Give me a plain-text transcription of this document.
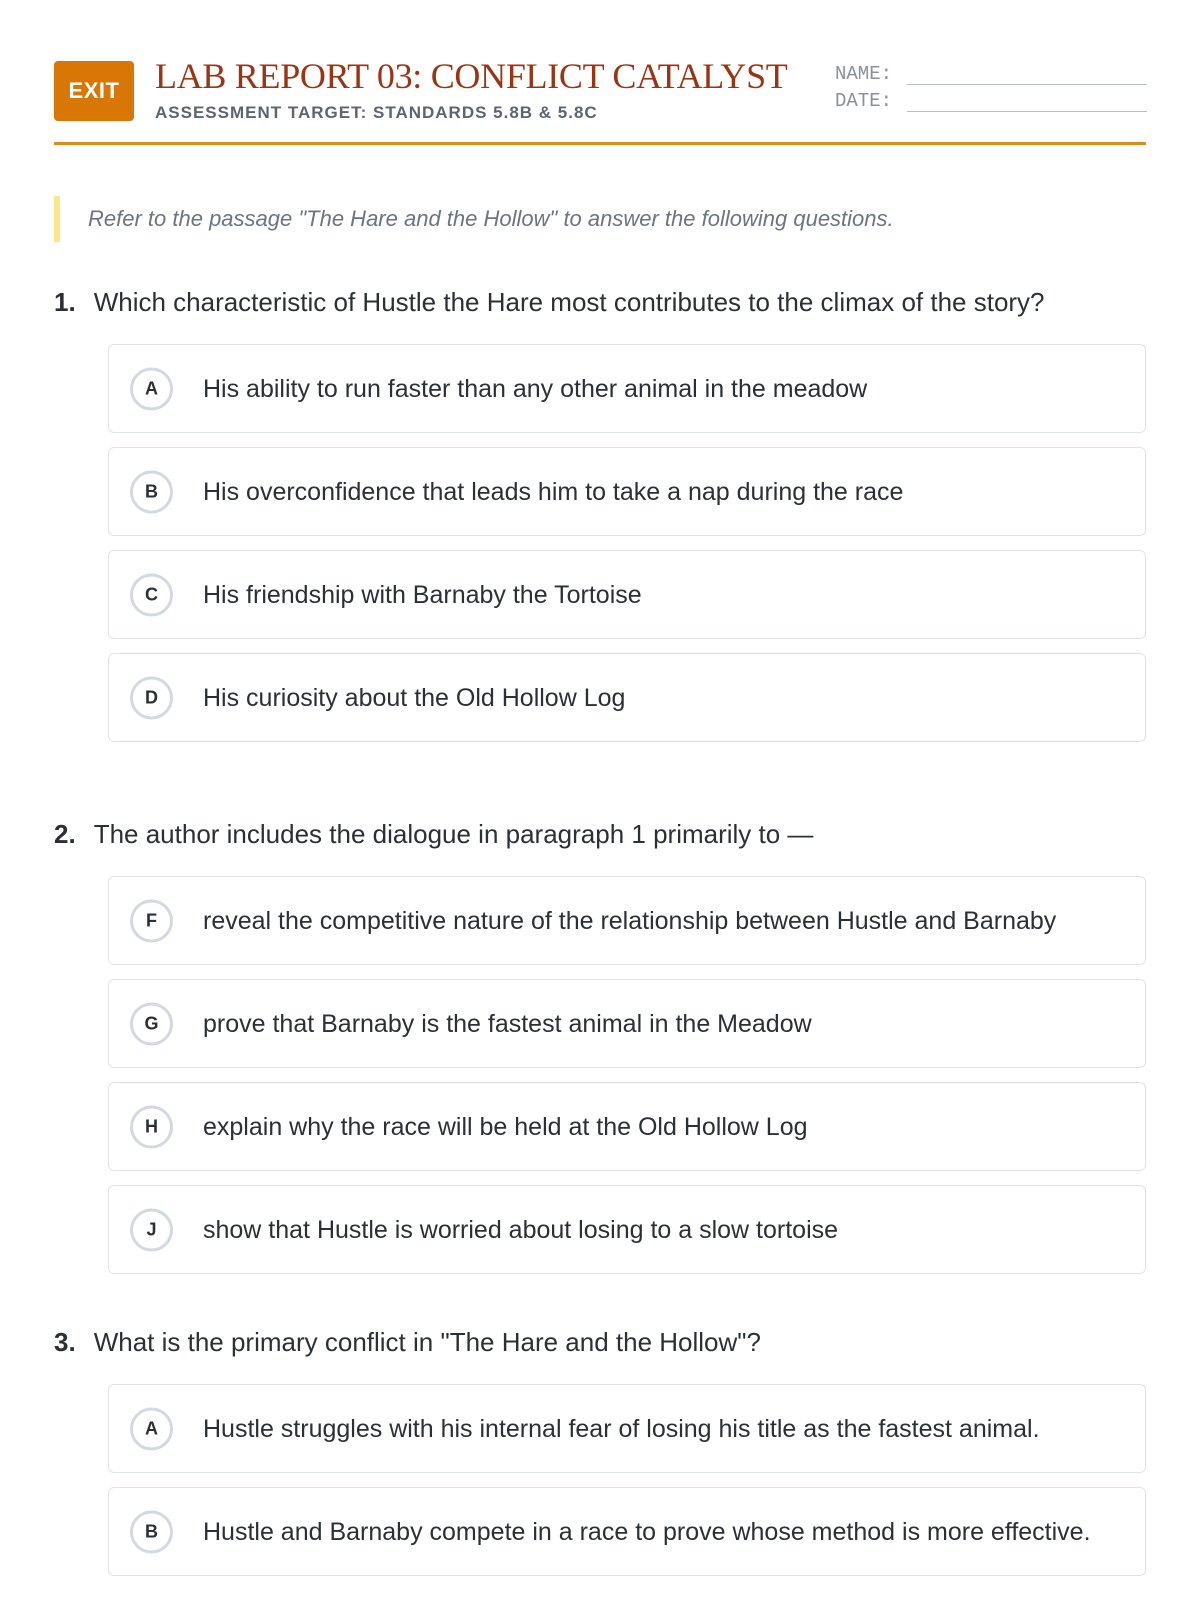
EXIT LAB REPORT 03: CONFLICT CATALYST
ASSESSMENT TARGET: STANDARDS 5.8B & 5.8C
NAME:
DATE:
Refer to the passage "The Hare and the Hollow" to answer the following questions.
1. Which characteristic of Hustle the Hare most contributes to the climax of the story?
A	His ability to run faster than any other animal in the meadow
B	His overconfidence that leads him to take a nap during the race
C	His friendship with Barnaby the Tortoise
D	His curiosity about the Old Hollow Log
2. The author includes the dialogue in paragraph 1 primarily to —
F	reveal the competitive nature of the relationship between Hustle and Barnaby
G	prove that Barnaby is the fastest animal in the Meadow
H	explain why the race will be held at the Old Hollow Log
J	show that Hustle is worried about losing to a slow tortoise
3. What is the primary conflict in "The Hare and the Hollow"?
A	Hustle struggles with his internal fear of losing his title as the fastest animal.
B	Hustle and Barnaby compete in a race to prove whose method is more effective.
